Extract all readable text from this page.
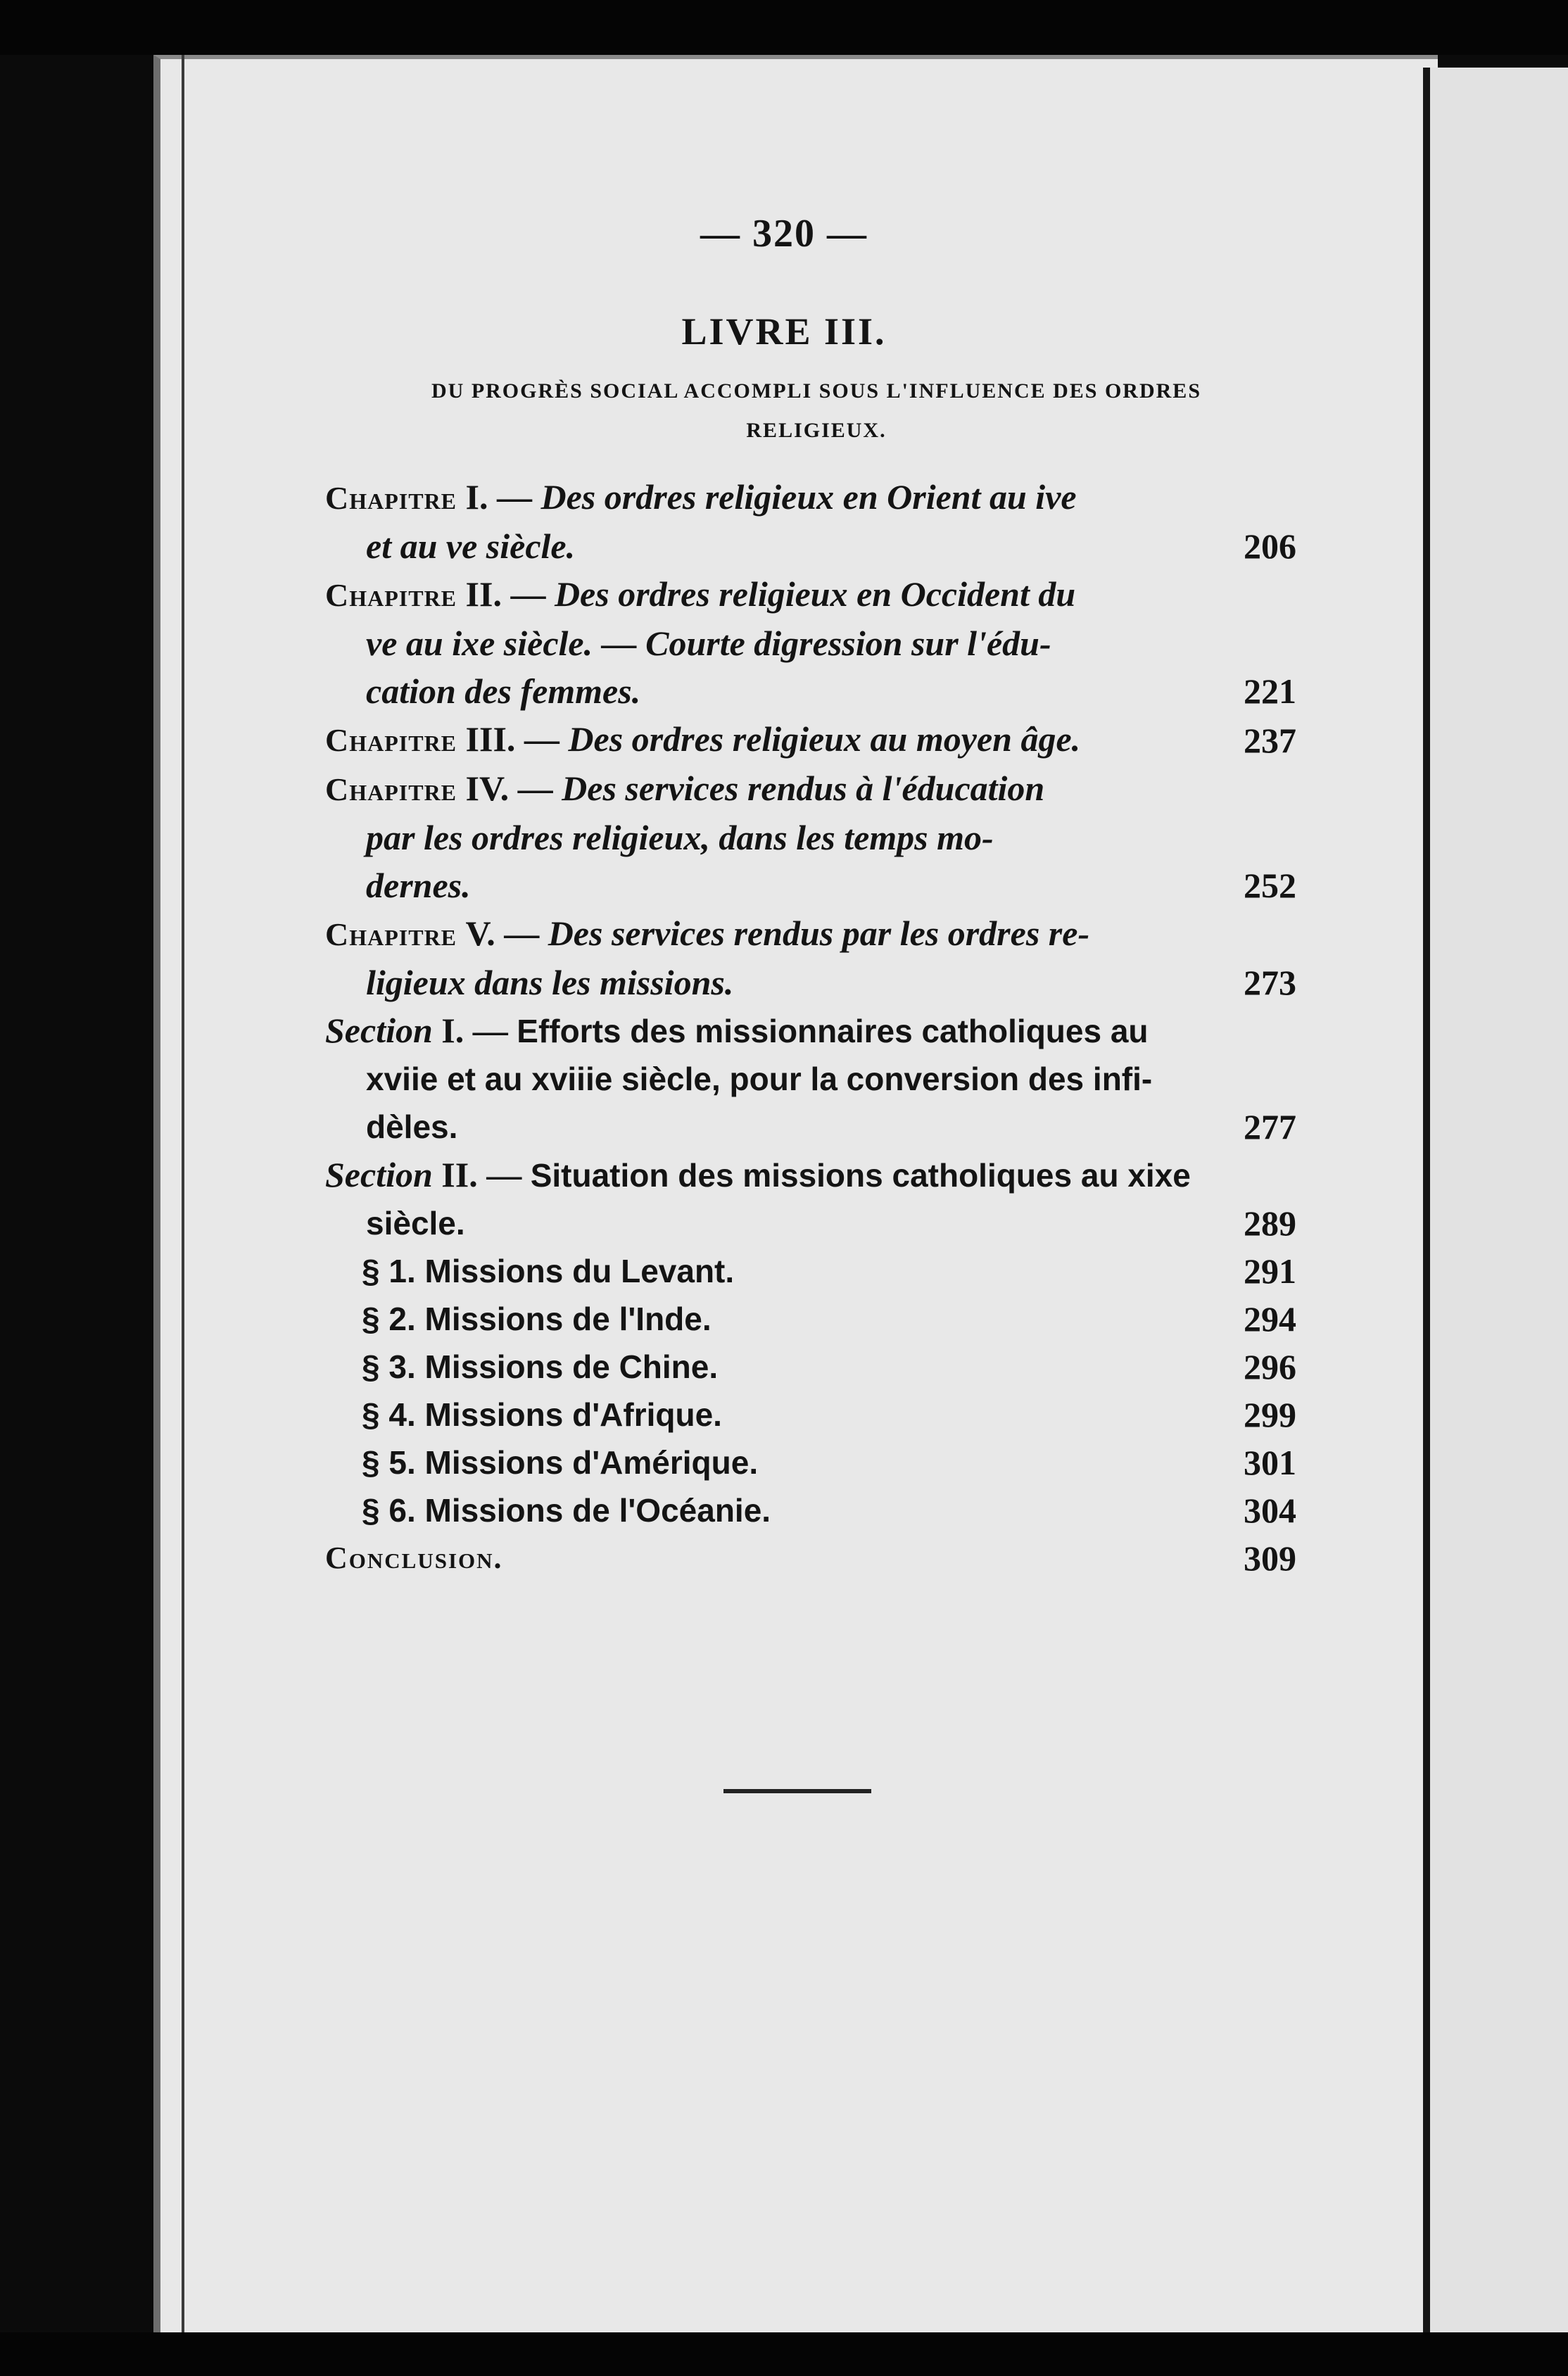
— 320 —
LIVRE III.
DU PROGRÈS SOCIAL ACCOMPLI SOUS L'INFLUENCE DES ORDRES RELIGIEUX.
Chapitre I. — Des ordres religieux en Orient au ive
et au ve siècle.	206
Chapitre II. — Des ordres religieux en Occident du
ve au ixe siècle. — Courte digression sur l'édu-
cation des femmes.	221
Chapitre III. — Des ordres religieux au moyen âge.	237
Chapitre IV. — Des services rendus à l'éducation
par les ordres religieux, dans les temps mo-
dernes.	252
Chapitre V. — Des services rendus par les ordres re-
ligieux dans les missions.	273
Section I. — Efforts des missionnaires catholiques au
xviie et au xviiie siècle, pour la conversion des infi-
dèles.	277
Section II. — Situation des missions catholiques au xixe
siècle.	289
§ 1. Missions du Levant.	291
§ 2. Missions de l'Inde.	294
§ 3. Missions de Chine.	296
§ 4. Missions d'Afrique.	299
§ 5. Missions d'Amérique.	301
§ 6. Missions de l'Océanie.	304
Conclusion.	309
